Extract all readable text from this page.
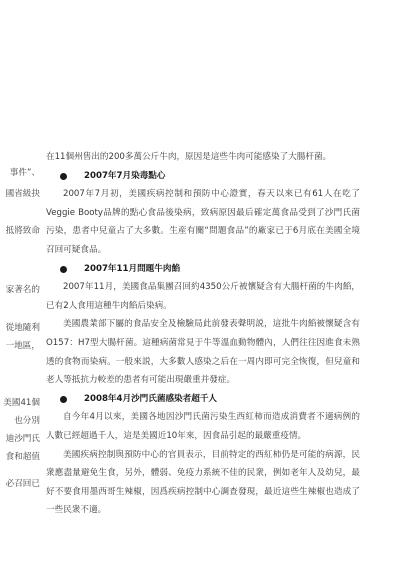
事件”、
國省級抉
抵將致命
家著名的
從地隨利
一地區，
美國41個
也分別
迪沙門氏
食和超值
必召回已

在11個州售出的200多萬公斤牛肉，原因是這些牛肉可能感染了大腸杆菌。

2007年7月染毒點心

2007年7月初，美國疾病控制和預防中心證實，春天以來已有61人在吃了Veggie Booty品牌的點心食品後染病，致病原因最后確定萬食品受到了沙門氏菌污染，患者中兒童占了大多數。生産有關“問題食品”的廠家已于6月底在美國全境召回可疑食品。

2007年11月問題牛肉餡

2007年11月，美國食品集團召回約4350公斤被懷疑含有大腸杆菌的牛肉餡，已有2人食用這種牛肉餡后染病。

美國農業部下屬的食品安全及檢驗局此前發表聲明説，這批牛肉餡被懷疑含有O157：H7型大腸杆菌。這種病菌常見于牛等溫血動物體內，人們往往因進食未熟透的食物而染病。一般來説，大多數人感染之后在一周内即可完全恢復，但兒童和老人等抵抗力較差的患者有可能出現嚴重并發症。

2008年4月沙門氏菌感染者超千人

自今年4月以來，美國各地因沙門氏菌污染生西紅柿而造成消費者不適病例的人數已經超過千人，這是美國近10年來，因食品引起的最嚴重疫情。

美國疾病控制與預防中心的官員表示，目前特定的西紅柿仍是可能的病源，民衆應盡量避免生食，另外，體弱、免疫力系統不佳的民衆，例如老年人及幼兒，最好不要食用墨西哥生辣椒，因爲疾病控制中心調查發現，最近這些生辣椒也造成了一些民衆不適。
